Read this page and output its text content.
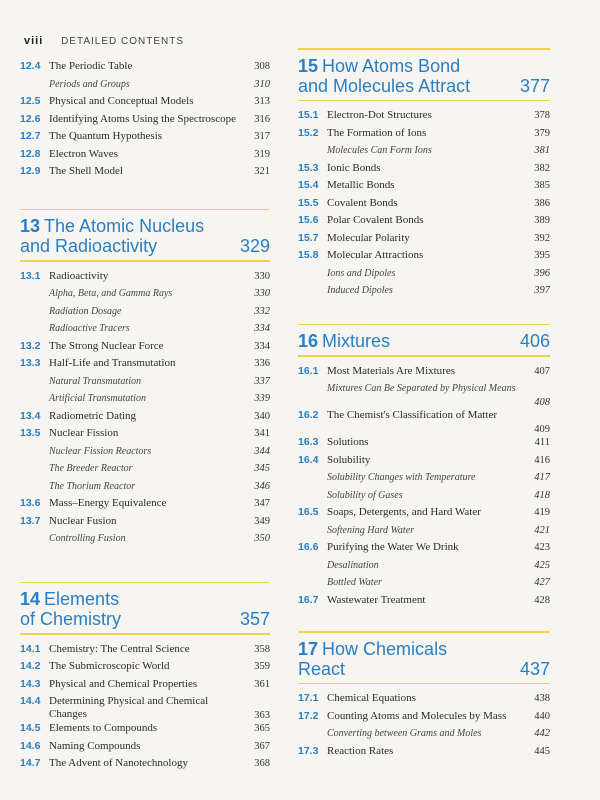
viii DETAILED CONTENTS
12.4 The Periodic Table	308
Periods and Groups	310
12.5 Physical and Conceptual Models	313
12.6 Identifying Atoms Using the Spectroscope	316
12.7 The Quantum Hypothesis	317
12.8 Electron Waves	319
12.9 The Shell Model	321
13 The Atomic Nucleus
and Radioactivity	329
13.1 Radioactivity	330
Alpha, Beta, and Gamma Rays	330
Radiation Dosage	332
Radioactive Tracers	334
13.2 The Strong Nuclear Force	334
13.3 Half-Life and Transmutation	336
Natural Transmutation	337
Artificial Transmutation	339
13.4 Radiometric Dating	340
13.5 Nuclear Fission	341
Nuclear Fission Reactors	344
The Breeder Reactor	345
The Thorium Reactor	346
13.6 Mass–Energy Equivalence	347
13.7 Nuclear Fusion	349
Controlling Fusion	350
14 Elements
of Chemistry	357
14.1 Chemistry: The Central Science	358
14.2 The Submicroscopic World	359
14.3 Physical and Chemical Properties	361
14.4 Determining Physical and Chemical Changes	363
14.5 Elements to Compounds	365
14.6 Naming Compounds	367
14.7 The Advent of Nanotechnology	368
15 How Atoms Bond
and Molecules Attract	377
15.1 Electron-Dot Structures	378
15.2 The Formation of Ions	379
Molecules Can Form Ions	381
15.3 Ionic Bonds	382
15.4 Metallic Bonds	385
15.5 Covalent Bonds	386
15.6 Polar Covalent Bonds	389
15.7 Molecular Polarity	392
15.8 Molecular Attractions	395
Ions and Dipoles	396
Induced Dipoles	397
16 Mixtures	406
16.1 Most Materials Are Mixtures	407
Mixtures Can Be Separated by Physical Means
408
16.2 The Chemist's Classification of Matter
409
16.3 Solutions	411
16.4 Solubility	416
Solubility Changes with Temperature	417
Solubility of Gases	418
16.5 Soaps, Detergents, and Hard Water	419
Softening Hard Water	421
16.6 Purifying the Water We Drink	423
Desalination	425
Bottled Water	427
16.7 Wastewater Treatment	428
17 How Chemicals
React	437
17.1 Chemical Equations	438
17.2 Counting Atoms and Molecules by Mass	440
Converting between Grams and Moles	442
17.3 Reaction Rates	445
